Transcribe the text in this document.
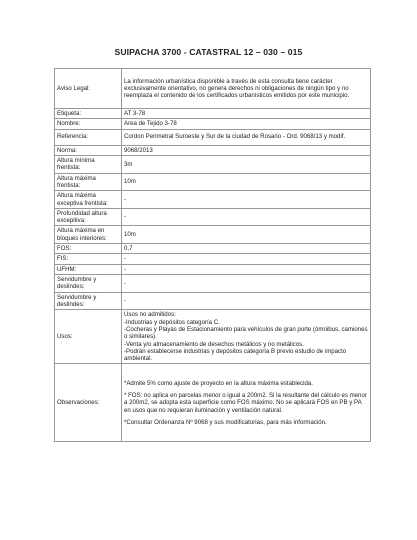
SUIPACHA 3700 - CATASTRAL 12 – 030 – 015
Aviso Legal:	La información urbanística disponible a través de esta consulta tiene carácter exclusivamente orientativo, no genera derechos ni obligaciones de ningún tipo y no reemplaza el contenido de los certificados urbanísticos emitidos por este municipio.

Etiqueta:	AT 3-78

Nombre:	Area de Tejido 3-78

Referencia:	Cordon Perimetral Suroeste y Sur de la ciudad de Rosario - Ord. 9068/13 y modif.

Norma:	9068/2013

Altura mínima frentista:	3m

Altura máxima frentista:	10m

Altura máxima exceptiva frentista:	-

Profundidad altura excepitiva:	-

Altura máxima en bloques interiores:	10m

FOS:	0,7

FIS:	-

UFHM:	-

Servidumbre y deslindes:	-

Servidumbre y deslindes:	-

Usos:	Usos no admitidos:
-Industrias y depósitos categoría C.
-Cocheras y Playas de Estacionamiento para vehículos de gran porte (ómnibus, camiones o similares).
-Venta y/o almacenamiento de desechos metálicos y no metálicos.
-Podrán establecerse industrias y depósitos categoría B previo estudio de impacto ambiental.

Observaciones:	*Admite 5% como ajuste de proyecto en la altura máxima establecida.
* FOS: no aplica en parcelas menor o igual a 200m2. Si la resultante del cálculo es menor a 200m2, se adopta esta superficie como FOS máximo. No se aplicará FOS en PB y PA en usos que no requieran iluminación y ventilación natural.
*Consultar Ordenanza Nº 9068 y sus modificatorias, para más información.
